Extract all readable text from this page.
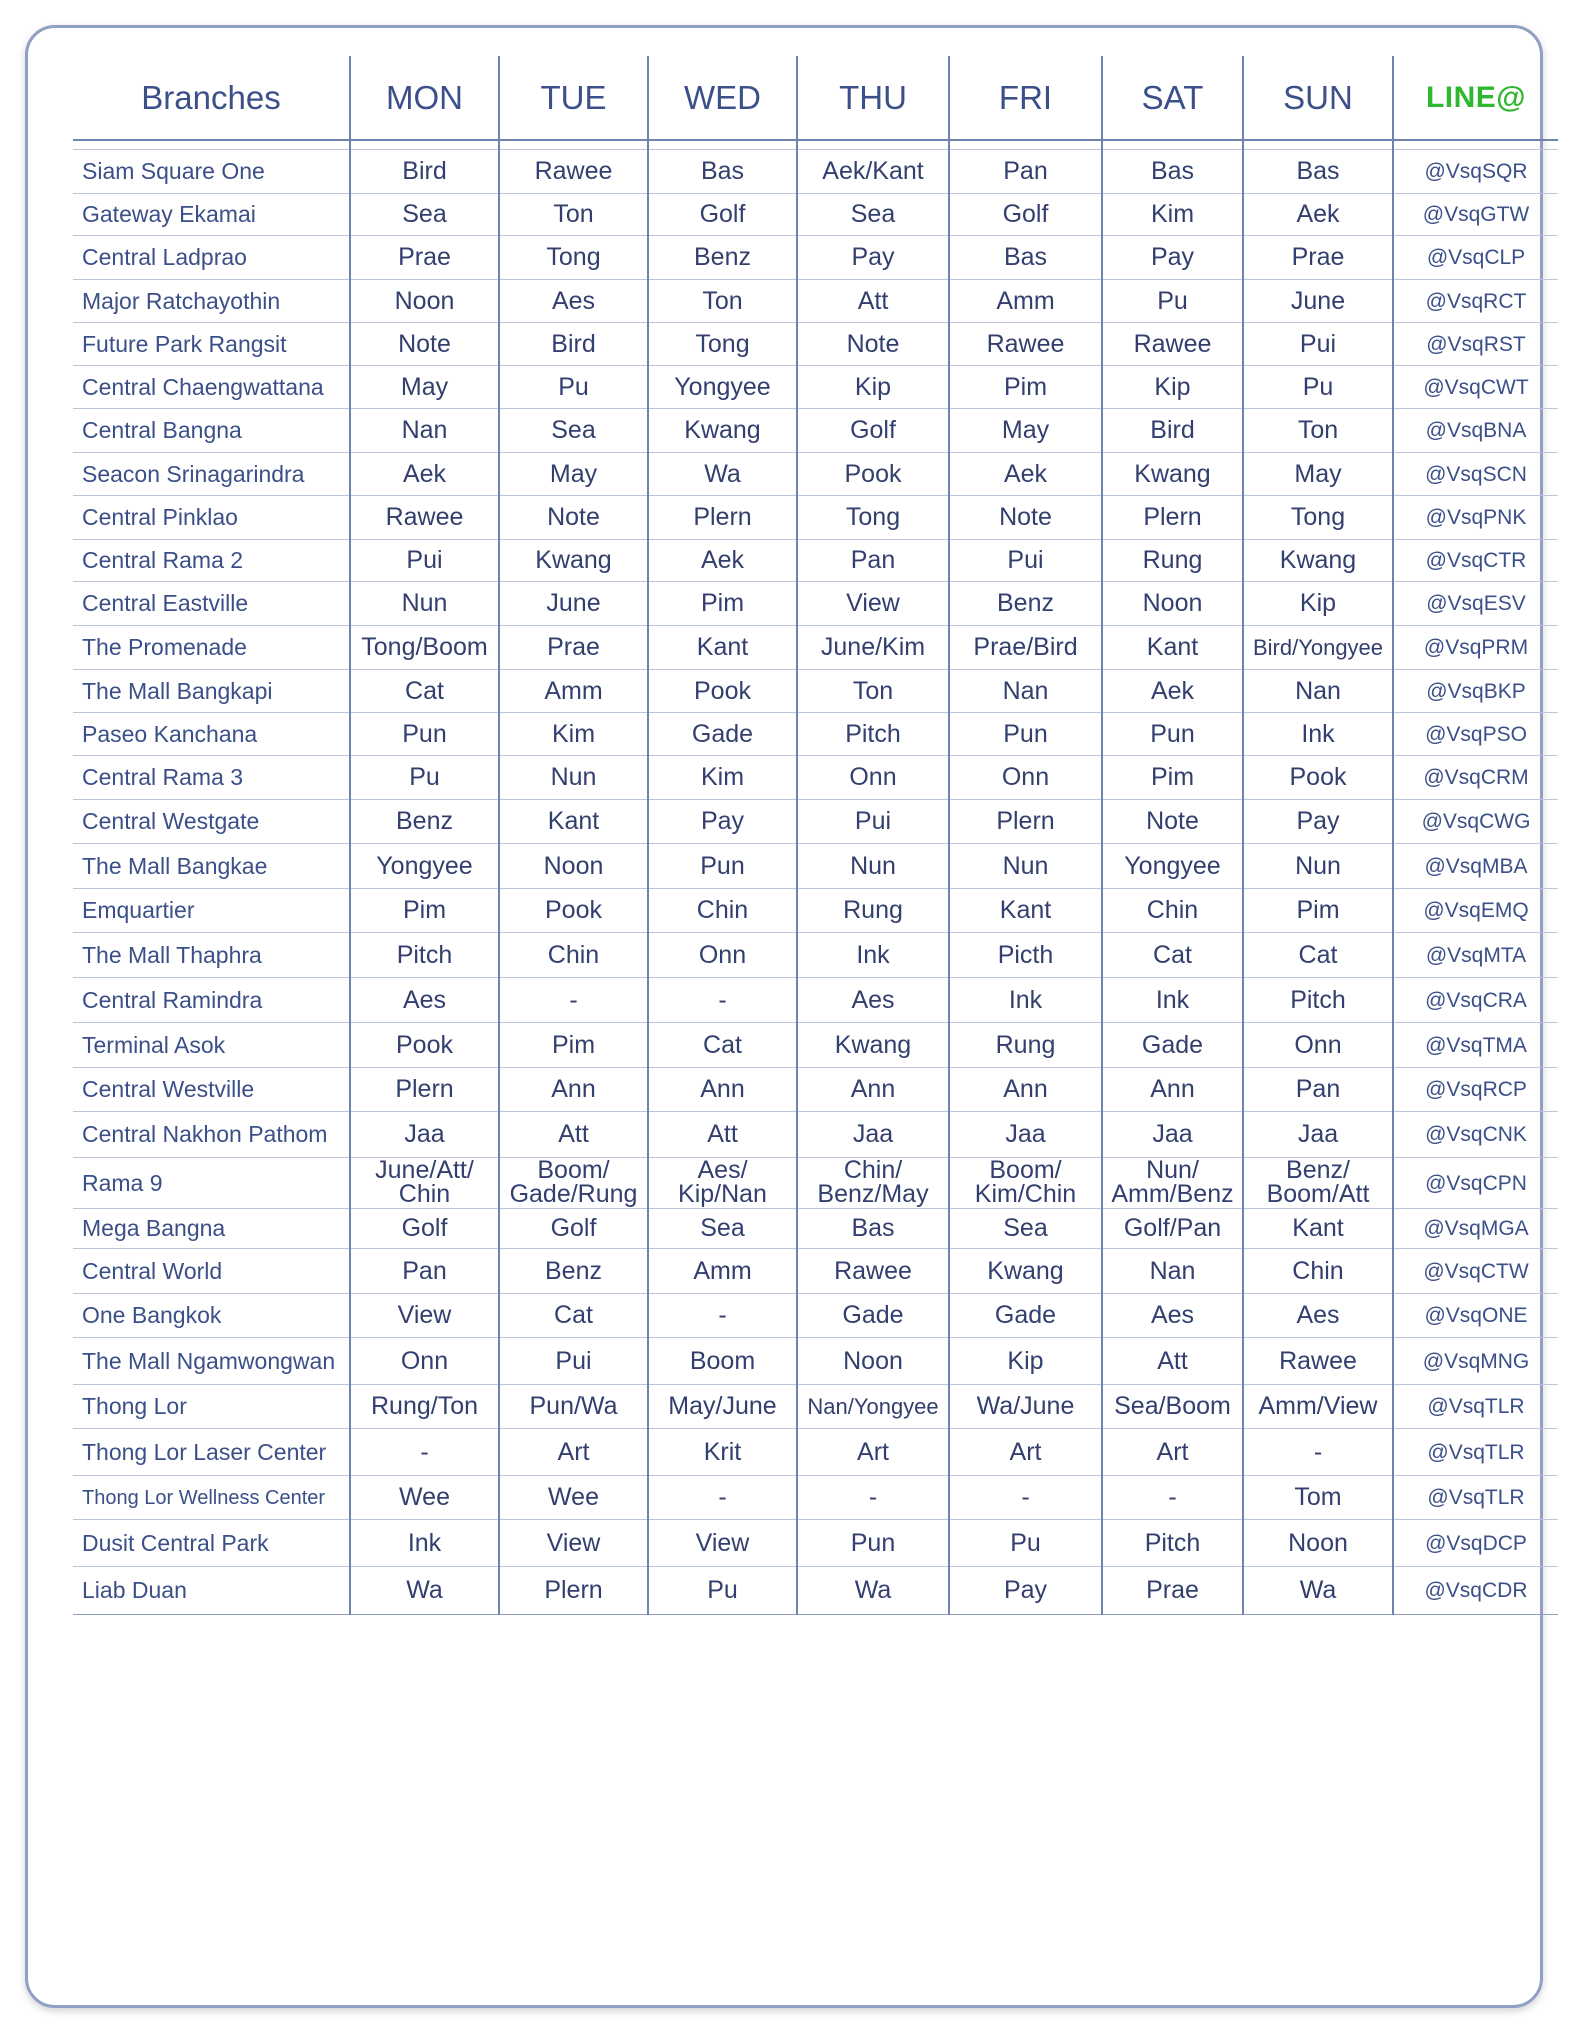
Branches	MON	TUE	WED	THU	FRI	SAT	SUN	LINE@

Siam Square One	Bird	Rawee	Bas	Aek/Kant	Pan	Bas	Bas	@VsqSQR
Gateway Ekamai	Sea	Ton	Golf	Sea	Golf	Kim	Aek	@VsqGTW
Central Ladprao	Prae	Tong	Benz	Pay	Bas	Pay	Prae	@VsqCLP
Major Ratchayothin	Noon	Aes	Ton	Att	Amm	Pu	June	@VsqRCT
Future Park Rangsit	Note	Bird	Tong	Note	Rawee	Rawee	Pui	@VsqRST
Central Chaengwattana	May	Pu	Yongyee	Kip	Pim	Kip	Pu	@VsqCWT
Central Bangna	Nan	Sea	Kwang	Golf	May	Bird	Ton	@VsqBNA
Seacon Srinagarindra	Aek	May	Wa	Pook	Aek	Kwang	May	@VsqSCN
Central Pinklao	Rawee	Note	Plern	Tong	Note	Plern	Tong	@VsqPNK
Central Rama 2	Pui	Kwang	Aek	Pan	Pui	Rung	Kwang	@VsqCTR
Central Eastville	Nun	June	Pim	View	Benz	Noon	Kip	@VsqESV
The Promenade	Tong/Boom	Prae	Kant	June/Kim	Prae/Bird	Kant	Bird/Yongyee	@VsqPRM
The Mall Bangkapi	Cat	Amm	Pook	Ton	Nan	Aek	Nan	@VsqBKP
Paseo Kanchana	Pun	Kim	Gade	Pitch	Pun	Pun	Ink	@VsqPSO
Central Rama 3	Pu	Nun	Kim	Onn	Onn	Pim	Pook	@VsqCRM
Central Westgate	Benz	Kant	Pay	Pui	Plern	Note	Pay	@VsqCWG
The Mall Bangkae	Yongyee	Noon	Pun	Nun	Nun	Yongyee	Nun	@VsqMBA
Emquartier	Pim	Pook	Chin	Rung	Kant	Chin	Pim	@VsqEMQ
The Mall Thaphra	Pitch	Chin	Onn	Ink	Picth	Cat	Cat	@VsqMTA
Central Ramindra	Aes	-	-	Aes	Ink	Ink	Pitch	@VsqCRA
Terminal Asok	Pook	Pim	Cat	Kwang	Rung	Gade	Onn	@VsqTMA
Central Westville	Plern	Ann	Ann	Ann	Ann	Ann	Pan	@VsqRCP
Central Nakhon Pathom	Jaa	Att	Att	Jaa	Jaa	Jaa	Jaa	@VsqCNK
Rama 9	June/Att/ Chin	Boom/ Gade/Rung	Aes/ Kip/Nan	Chin/ Benz/May	Boom/ Kim/Chin	Nun/ Amm/Benz	Benz/ Boom/Att	@VsqCPN
Mega Bangna	Golf	Golf	Sea	Bas	Sea	Golf/Pan	Kant	@VsqMGA
Central World	Pan	Benz	Amm	Rawee	Kwang	Nan	Chin	@VsqCTW
One Bangkok	View	Cat	-	Gade	Gade	Aes	Aes	@VsqONE
The Mall Ngamwongwan	Onn	Pui	Boom	Noon	Kip	Att	Rawee	@VsqMNG
Thong Lor	Rung/Ton	Pun/Wa	May/June	Nan/Yongyee	Wa/June	Sea/Boom	Amm/View	@VsqTLR
Thong Lor Laser Center	-	Art	Krit	Art	Art	Art	-	@VsqTLR
Thong Lor Wellness Center	Wee	Wee	-	-	-	-	Tom	@VsqTLR
Dusit Central Park	Ink	View	View	Pun	Pu	Pitch	Noon	@VsqDCP
Liab Duan	Wa	Plern	Pu	Wa	Pay	Prae	Wa	@VsqCDR
